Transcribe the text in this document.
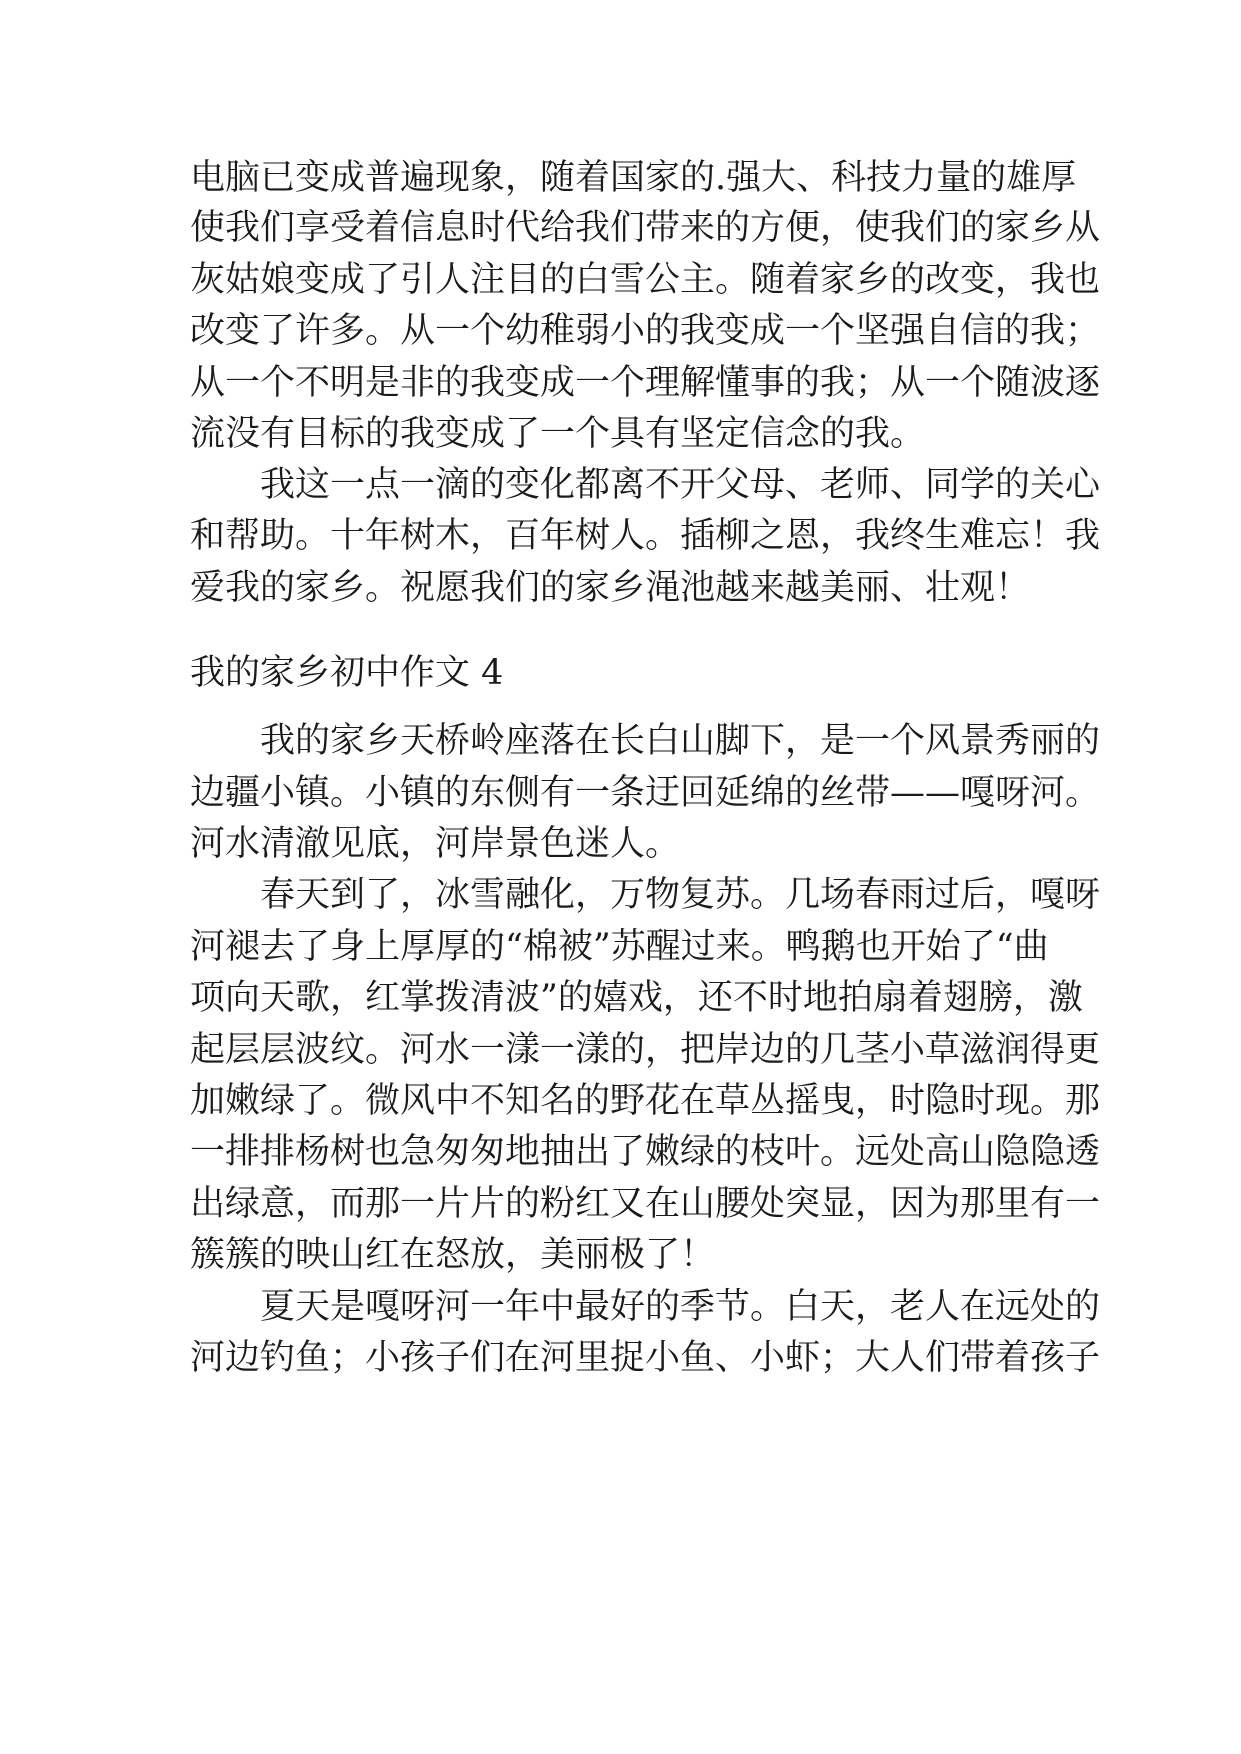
电脑已变成普遍现象，随着国家的.强大、科技力量的雄厚

使我们享受着信息时代给我们带来的方便，使我们的家乡从

灰姑娘变成了引人注目的白雪公主。随着家乡的改变，我也

改变了许多。从一个幼稚弱小的我变成一个坚强自信的我；

从一个不明是非的我变成一个理解懂事的我；从一个随波逐

流没有目标的我变成了一个具有坚定信念的我。

我这一点一滴的变化都离不开父母、老师、同学的关心

和帮助。十年树木，百年树人。插柳之恩，我终生难忘！我

爱我的家乡。祝愿我们的家乡渑池越来越美丽、壮观！

我的家乡初中作文 4

我的家乡天桥岭座落在长白山脚下，是一个风景秀丽的

边疆小镇。小镇的东侧有一条迂回延绵的丝带——嘎呀河。

河水清澈见底，河岸景色迷人。

春天到了，冰雪融化，万物复苏。几场春雨过后，嘎呀

河褪去了身上厚厚的“棉被”苏醒过来。鸭鹅也开始了“曲

项向天歌，红掌拨清波”的嬉戏，还不时地拍扇着翅膀，激

起层层波纹。河水一漾一漾的，把岸边的几茎小草滋润得更

加嫩绿了。微风中不知名的野花在草丛摇曳，时隐时现。那

一排排杨树也急匆匆地抽出了嫩绿的枝叶。远处高山隐隐透

出绿意，而那一片片的粉红又在山腰处突显，因为那里有一

簇簇的映山红在怒放，美丽极了！

夏天是嘎呀河一年中最好的季节。白天，老人在远处的

河边钓鱼；小孩子们在河里捉小鱼、小虾；大人们带着孩子
